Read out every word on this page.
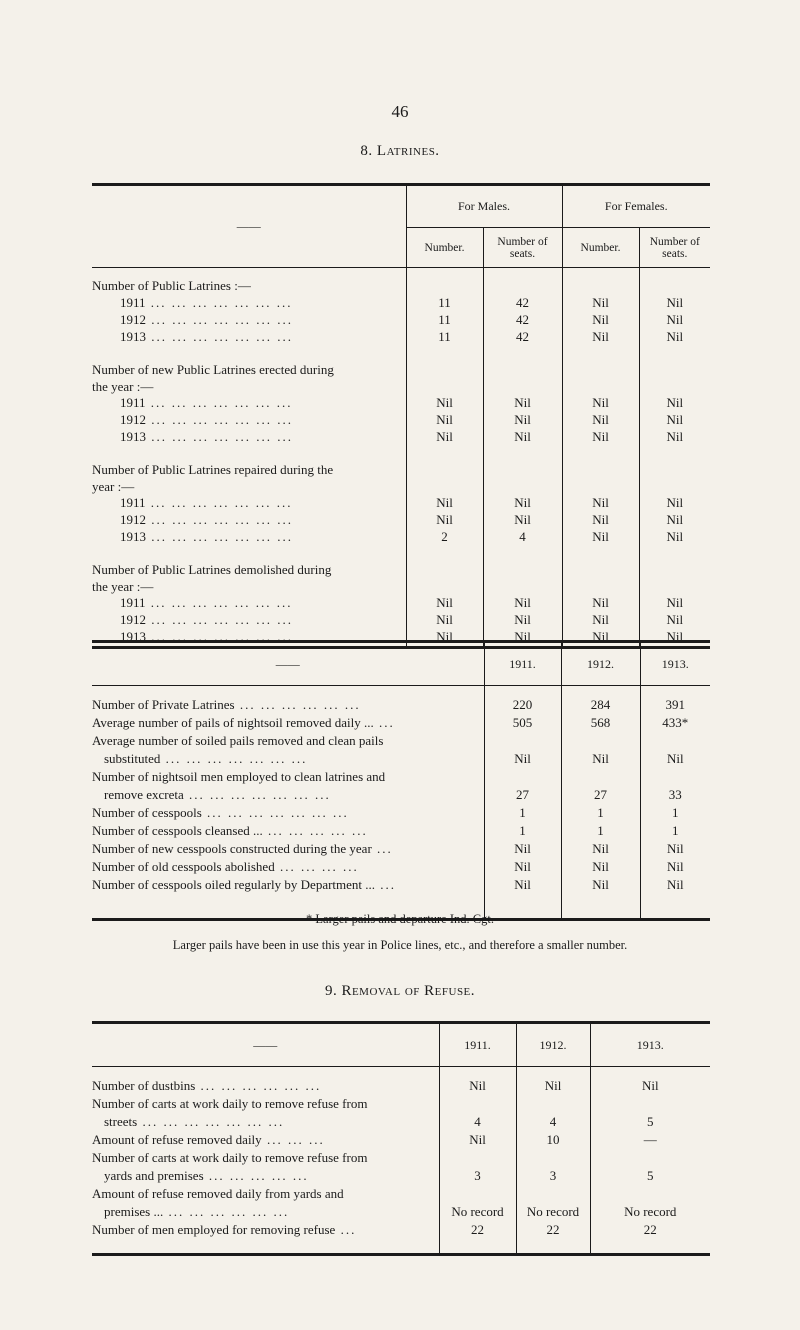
46
8. Latrines.
——	For Males.		For Females.	
	Number.	Number of seats.	Number.	Number of seats.

Number of Public Latrines :—				
1911 ... ... ... ... ... ... ...	11	42	Nil	Nil
1912 ... ... ... ... ... ... ...	11	42	Nil	Nil
1913 ... ... ... ... ... ... ...	11	42	Nil	Nil

Number of new Public Latrines erected during				
the year :—				
1911 ... ... ... ... ... ... ...	Nil	Nil	Nil	Nil
1912 ... ... ... ... ... ... ...	Nil	Nil	Nil	Nil
1913 ... ... ... ... ... ... ...	Nil	Nil	Nil	Nil

Number of Public Latrines repaired during the				
year :—				
1911 ... ... ... ... ... ... ...	Nil	Nil	Nil	Nil
1912 ... ... ... ... ... ... ...	Nil	Nil	Nil	Nil
1913 ... ... ... ... ... ... ...	2	4	Nil	Nil

Number of Public Latrines demolished during				
the year :—				
1911 ... ... ... ... ... ... ...	Nil	Nil	Nil	Nil
1912 ... ... ... ... ... ... ...	Nil	Nil	Nil	Nil
1913 ... ... ... ... ... ... ...	Nil	Nil	Nil	Nil
——	1911.	1912.	1913.

Number of Private Latrines ... ... ... ... ... ...	220	284	391
Average number of pails of nightsoil removed daily ... ...	505	568	433*
Average number of soiled pails removed and clean pails			
substituted ... ... ... ... ... ... ...	Nil	Nil	Nil
Number of nightsoil men employed to clean latrines and			
remove excreta ... ... ... ... ... ... ...	27	27	33
Number of cesspools ... ... ... ... ... ... ...	1	1	1
Number of cesspools cleansed ... ... ... ... ... ...	1	1	1
Number of new cesspools constructed during the year ...	Nil	Nil	Nil
Number of old cesspools abolished ... ... ... ...	Nil	Nil	Nil
Number of cesspools oiled regularly by Department ... ...	Nil	Nil	Nil

* Larger pails and departure Ind. Cgt.
Larger pails have been in use this year in Police lines, etc., and therefore a smaller number.
9. Removal of Refuse.
——	1911.	1912.	1913.

Number of dustbins ... ... ... ... ... ...	Nil	Nil	Nil
Number of carts at work daily to remove refuse from			
streets ... ... ... ... ... ... ...	4	4	5
Amount of refuse removed daily ... ... ...	Nil	10	—
Number of carts at work daily to remove refuse from			
yards and premises ... ... ... ... ...	3	3	5
Amount of refuse removed daily from yards and			
premises ... ... ... ... ... ... ...	No record	No record	No record
Number of men employed for removing refuse ...	22	22	22
